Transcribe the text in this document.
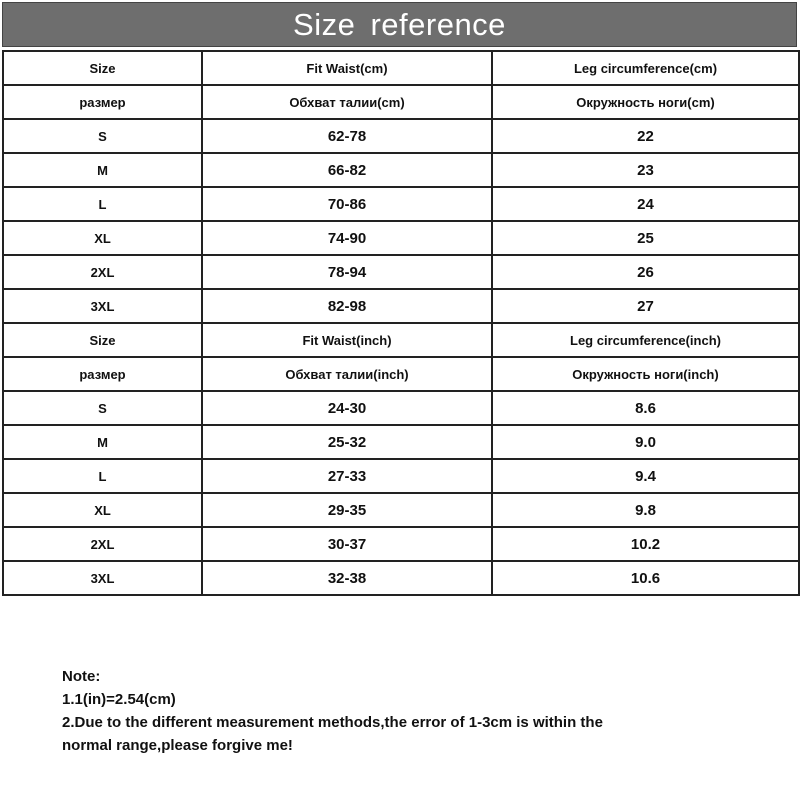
Size reference
Size	Fit Waist(cm)	Leg circumference(cm)
размер	Обхват талии(cm)	Окружность ноги(cm)
S	62-78	22
M	66-82	23
L	70-86	24
XL	74-90	25
2XL	78-94	26
3XL	82-98	27
Size	Fit Waist(inch)	Leg circumference(inch)
размер	Обхват талии(inch)	Окружность ноги(inch)
S	24-30	8.6
M	25-32	9.0
L	27-33	9.4
XL	29-35	9.8
2XL	30-37	10.2
3XL	32-38	10.6
Note:
1.1(in)=2.54(cm)
2.Due to the different measurement methods,the error of 1-3cm is within the
normal range,please forgive me!
